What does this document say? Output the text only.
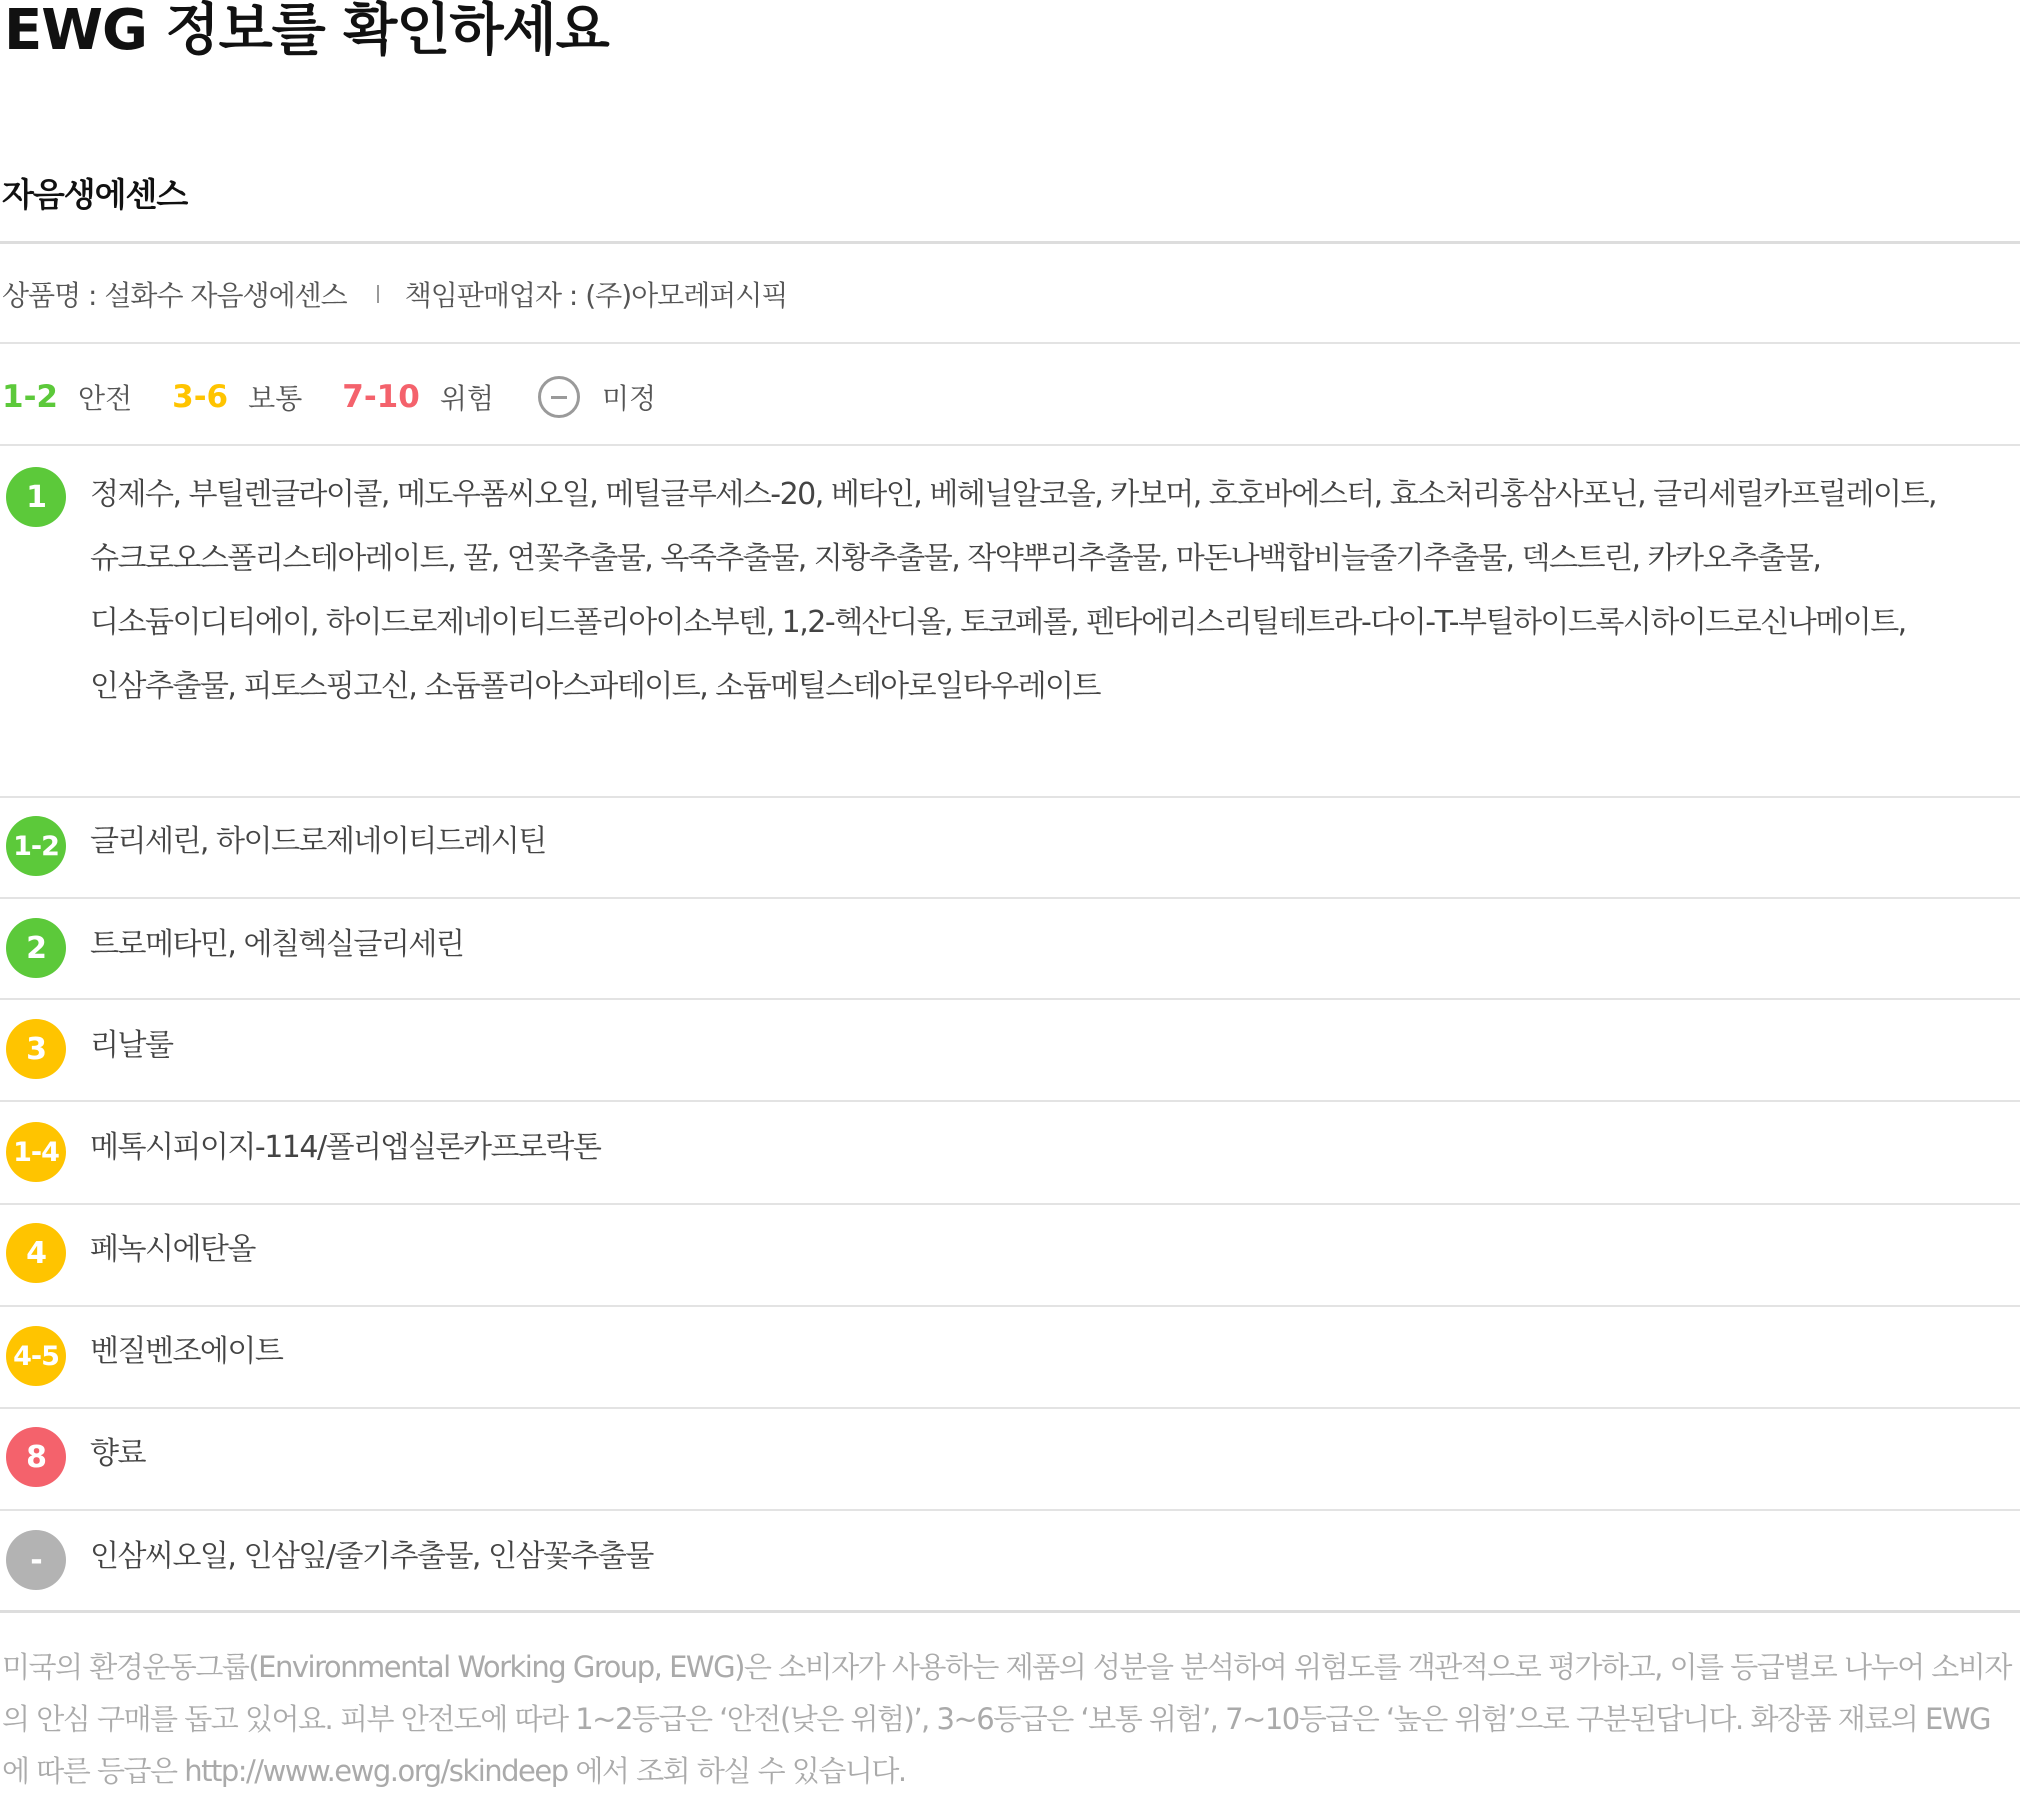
EWG 정보를 확인하세요
자음생에센스
상품명 : 설화수 자음생에센스 책임판매업자 : (주)아모레퍼시픽
1-2 안전 3-6 보통 7-10 위험	미정
1	정제수, 부틸렌글라이콜, 메도우폼씨오일, 메틸글루세스-20, 베타인, 베헤닐알코올, 카보머, 호호바에스터, 효소처리홍삼사포닌, 글리세릴카프릴레이트, 슈크로오스폴리스테아레이트, 꿀, 연꽃추출물, 옥죽추출물, 지황추출물, 작약뿌리추출물, 마돈나백합비늘줄기추출물, 덱스트린, 카카오추출물, 디소듐이디티에이, 하이드로제네이티드폴리아이소부텐, 1,2-헥산디올, 토코페롤, 펜타에리스리틸테트라-다이-T-부틸하이드록시하이드로신나메이트, 인삼추출물, 피토스핑고신, 소듐폴리아스파테이트, 소듐메틸스테아로일타우레이트

1-2 글리세린, 하이드로제네이티드레시틴

2	트로메타민, 에칠헥실글리세린

3	리날룰

1-4 메톡시피이지-114/폴리엡실론카프로락톤

4	페녹시에탄올

4-5 벤질벤조에이트

8	향료

-	인삼씨오일, 인삼잎/줄기추출물, 인삼꽃추출물

미국의 환경운동그룹(Environmental Working Group, EWG)은 소비자가 사용하는 제품의 성분을 분석하여 위험도를 객관적으로 평가하고, 이를 등급별로 나누어 소비자의 안심 구매를 돕고 있어요. 피부 안전도에 따라 1~2등급은 ‘안전(낮은 위험)’, 3~6등급은 ‘보통 위험’, 7~10등급은 ‘높은 위험’으로 구분된답니다. 화장품 재료의 EWG에 따른 등급은 http://www.ewg.org/skindeep 에서 조회 하실 수 있습니다.
